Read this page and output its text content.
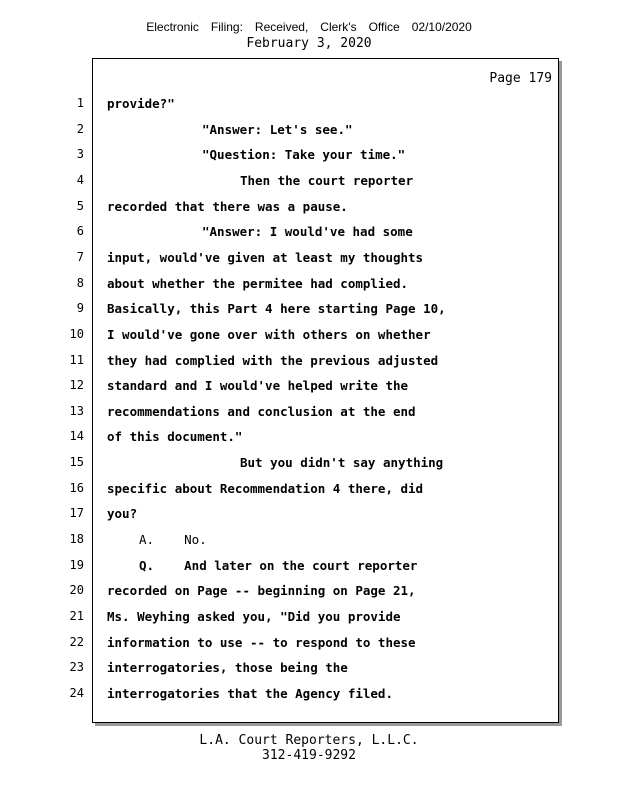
Electronic Filing: Received, Clerk's Office 02/10/2020
February 3, 2020
Page 179
1 provide?"
2	"Answer: Let's see."
3	"Question: Take your time."
4	Then the court reporter
5 recorded that there was a pause.
6	"Answer: I would've had some
7 input, would've given at least my thoughts
8 about whether the permitee had complied.
9 Basically, this Part 4 here starting Page 10,
10 I would've gone over with others on whether
11 they had complied with the previous adjusted
12 standard and I would've helped write the
13 recommendations and conclusion at the end
14 of this document."
15	But you didn't say anything
16 specific about Recommendation 4 there, did
17 you?
18	A.    No.
19	Q.    And later on the court reporter
20 recorded on Page -- beginning on Page 21,
21 Ms. Weyhing asked you, "Did you provide
22 information to use -- to respond to these
23 interrogatories, those being the
24 interrogatories that the Agency filed.
L.A. Court Reporters, L.L.C.
312-419-9292
